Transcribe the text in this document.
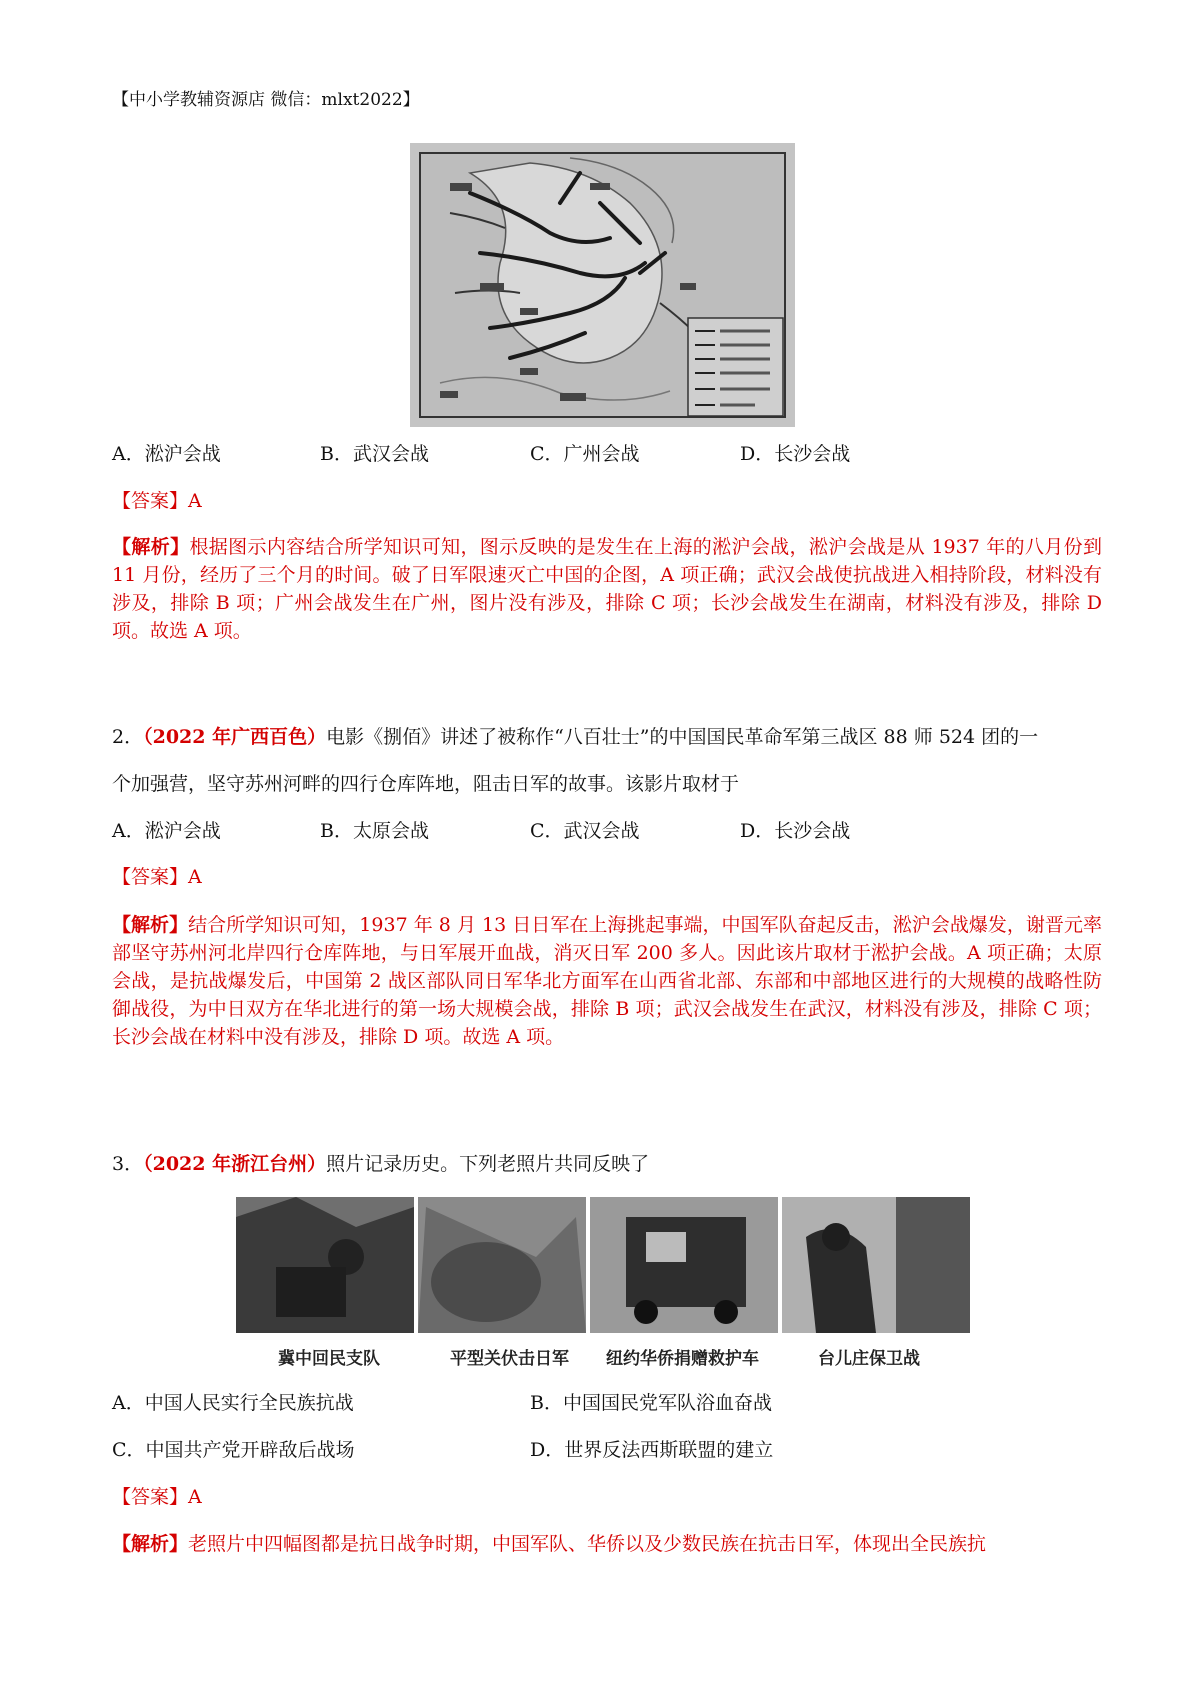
【中小学教辅资源店 微信：mlxt2022】
A．淞沪会战	B．武汉会战	C．广州会战	D．长沙会战
【答案】A
【解析】根据图示内容结合所学知识可知，图示反映的是发生在上海的淞沪会战，淞沪会战是从 1937 年的八月份到 11 月份，经历了三个月的时间。破了日军限速灭亡中国的企图，A 项正确；武汉会战使抗战进入相持阶段，材料没有涉及，排除 B 项；广州会战发生在广州，图片没有涉及，排除 C 项；长沙会战发生在湖南，材料没有涉及，排除 D 项。故选 A 项。
2．（2022 年广西百色）电影《捌佰》讲述了被称作“八百壮士”的中国国民革命军第三战区 88 师 524 团的一
个加强营，坚守苏州河畔的四行仓库阵地，阻击日军的故事。该影片取材于
A．淞沪会战	B．太原会战	C．武汉会战	D．长沙会战
【答案】A
【解析】结合所学知识可知，1937 年 8 月 13 日日军在上海挑起事端，中国军队奋起反击，淞沪会战爆发，谢晋元率部坚守苏州河北岸四行仓库阵地，与日军展开血战，消灭日军 200 多人。因此该片取材于淞护会战。A 项正确；太原会战，是抗战爆发后，中国第 2 战区部队同日军华北方面军在山西省北部、东部和中部地区进行的大规模的战略性防御战役，为中日双方在华北进行的第一场大规模会战，排除 B 项；武汉会战发生在武汉，材料没有涉及，排除 C 项；长沙会战在材料中没有涉及，排除 D 项。故选 A 项。
3．（2022 年浙江台州）照片记录历史。下列老照片共同反映了
冀中回民支队	平型关伏击日军 纽约华侨捐赠救护车	台儿庄保卫战
A．中国人民实行全民族抗战	B．中国国民党军队浴血奋战
C．中国共产党开辟敌后战场	D．世界反法西斯联盟的建立
【答案】A
【解析】老照片中四幅图都是抗日战争时期，中国军队、华侨以及少数民族在抗击日军，体现出全民族抗
